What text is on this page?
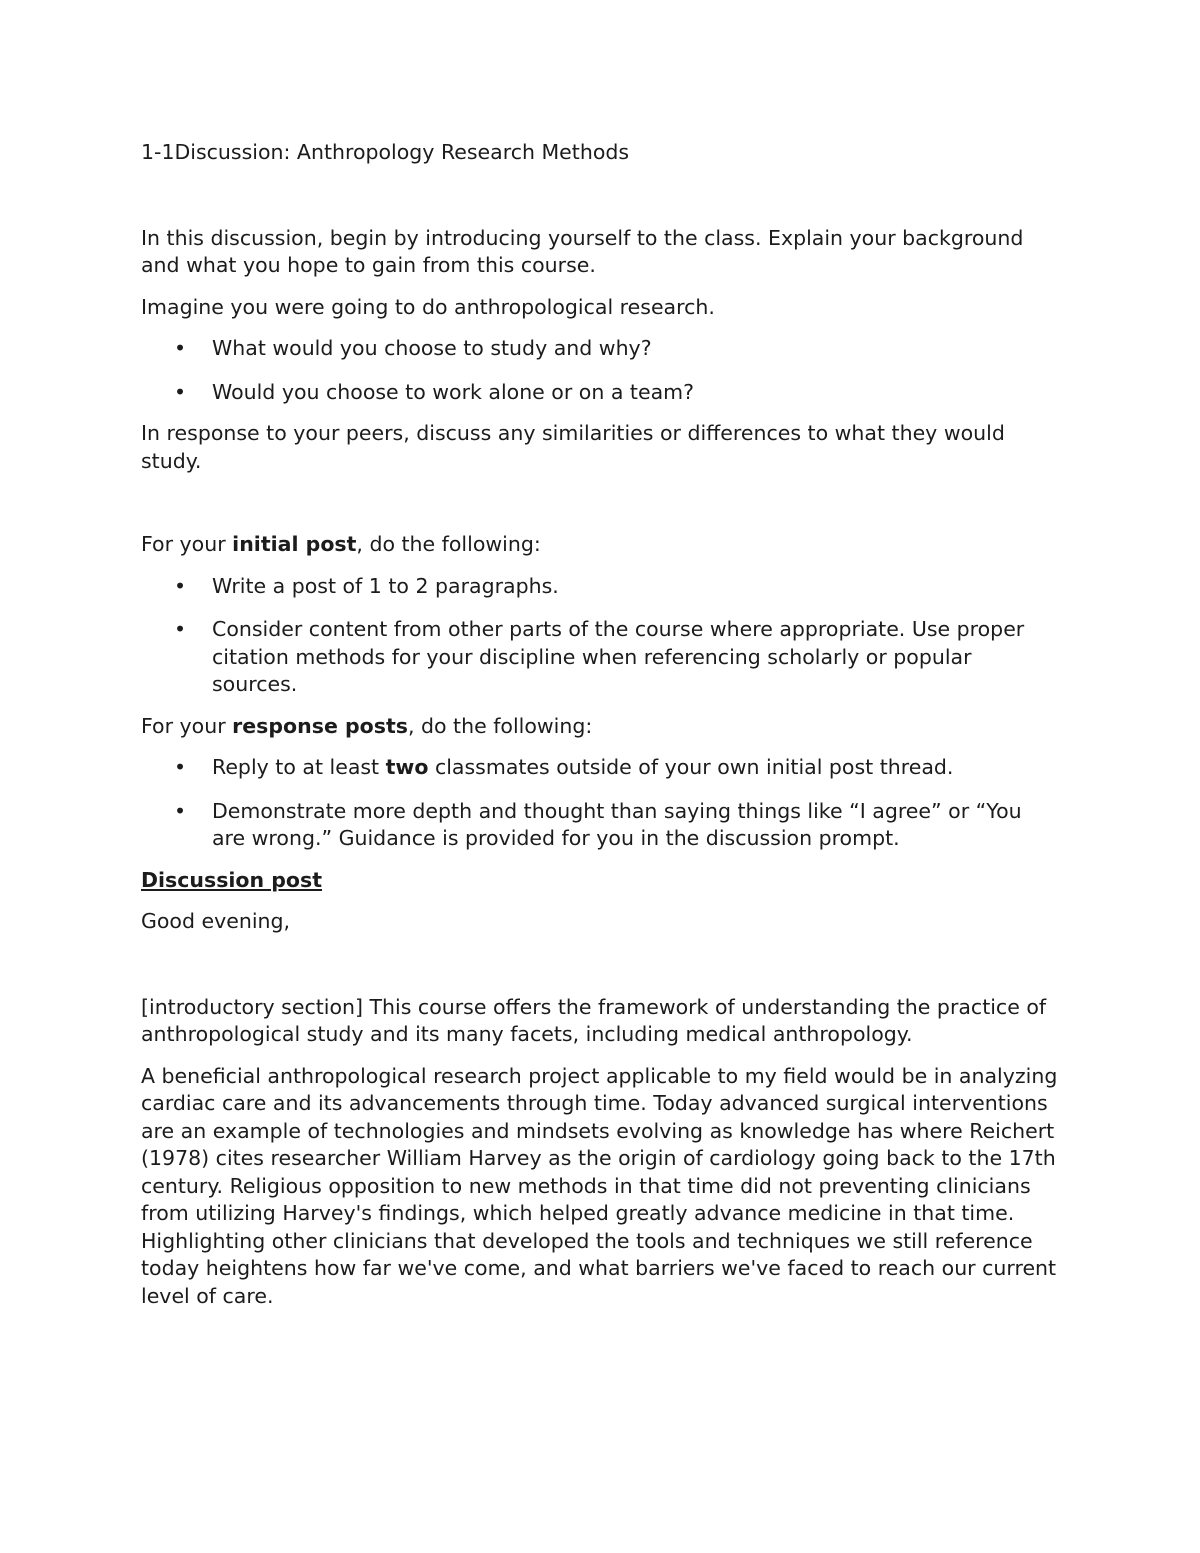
1-1Discussion: Anthropology Research Methods

In this discussion, begin by introducing yourself to the class. Explain your background and what you hope to gain from this course.

Imagine you were going to do anthropological research.

• What would you choose to study and why?
• Would you choose to work alone or on a team?

In response to your peers, discuss any similarities or differences to what they would study.

For your initial post, do the following:

• Write a post of 1 to 2 paragraphs.
• Consider content from other parts of the course where appropriate. Use proper citation methods for your discipline when referencing scholarly or popular sources.

For your response posts, do the following:

• Reply to at least two classmates outside of your own initial post thread.
• Demonstrate more depth and thought than saying things like “I agree” or “You are wrong.” Guidance is provided for you in the discussion prompt.

Discussion post

Good evening,

[introductory section] This course offers the framework of understanding the practice of anthropological study and its many facets, including medical anthropology.

A beneficial anthropological research project applicable to my field would be in analyzing cardiac care and its advancements through time. Today advanced surgical interventions are an example of technologies and mindsets evolving as knowledge has where Reichert (1978) cites researcher William Harvey as the origin of cardiology going back to the 17th century. Religious opposition to new methods in that time did not preventing clinicians from utilizing Harvey's findings, which helped greatly advance medicine in that time. Highlighting other clinicians that developed the tools and techniques we still reference today heightens how far we've come, and what barriers we've faced to reach our current level of care.
